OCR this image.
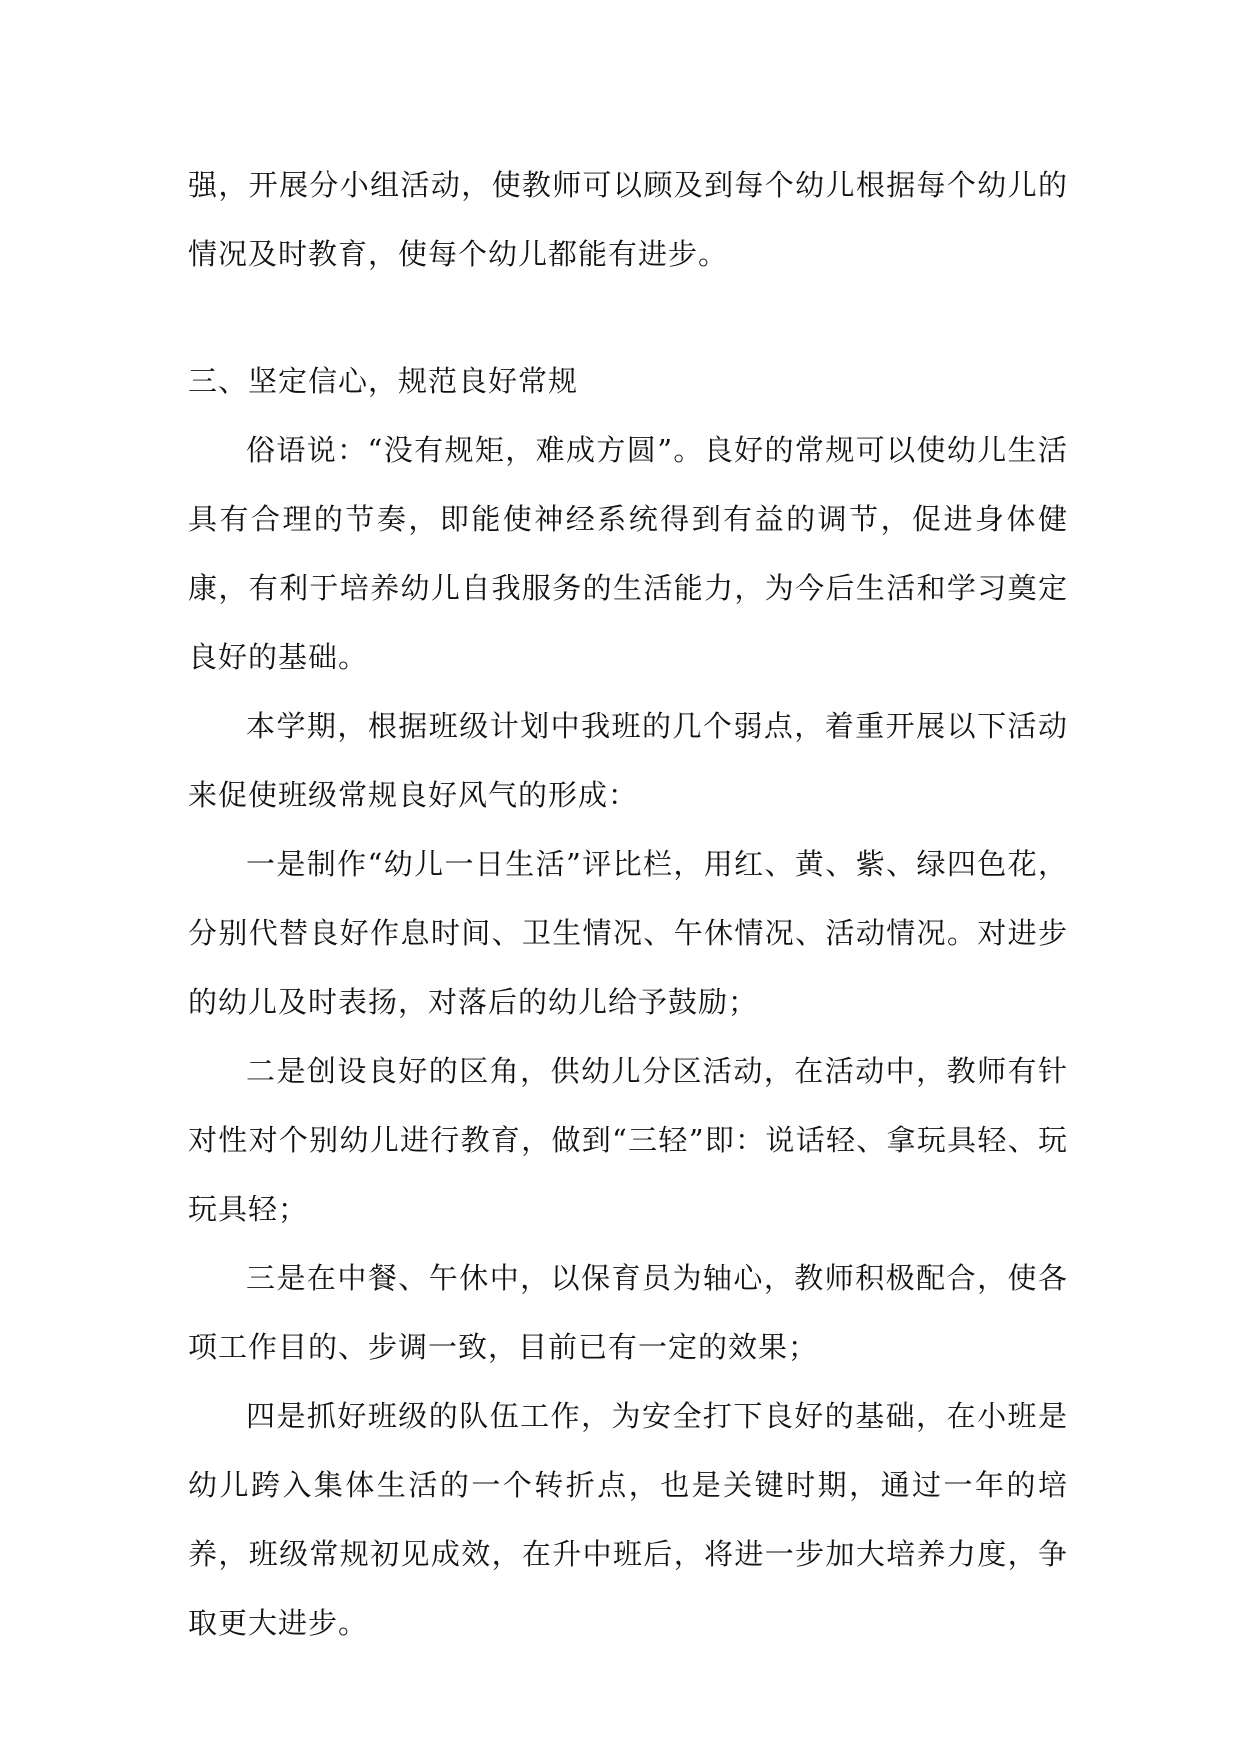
强，开展分小组活动，使教师可以顾及到每个幼儿根据每个幼儿的情况及时教育，使每个幼儿都能有进步。

三、坚定信心，规范良好常规

俗语说：“没有规矩，难成方圆”。良好的常规可以使幼儿生活具有合理的节奏，即能使神经系统得到有益的调节，促进身体健康，有利于培养幼儿自我服务的生活能力，为今后生活和学习奠定良好的基础。

本学期，根据班级计划中我班的几个弱点，着重开展以下活动来促使班级常规良好风气的形成：

一是制作“幼儿一日生活”评比栏，用红、黄、紫、绿四色花，分别代替良好作息时间、卫生情况、午休情况、活动情况。对进步的幼儿及时表扬，对落后的幼儿给予鼓励；

二是创设良好的区角，供幼儿分区活动，在活动中，教师有针对性对个别幼儿进行教育，做到“三轻”即：说话轻、拿玩具轻、玩玩具轻；

三是在中餐、午休中，以保育员为轴心，教师积极配合，使各项工作目的、步调一致，目前已有一定的效果；

四是抓好班级的队伍工作，为安全打下良好的基础，在小班是幼儿跨入集体生活的一个转折点，也是关键时期，通过一年的培养，班级常规初见成效，在升中班后，将进一步加大培养力度，争取更大进步。
